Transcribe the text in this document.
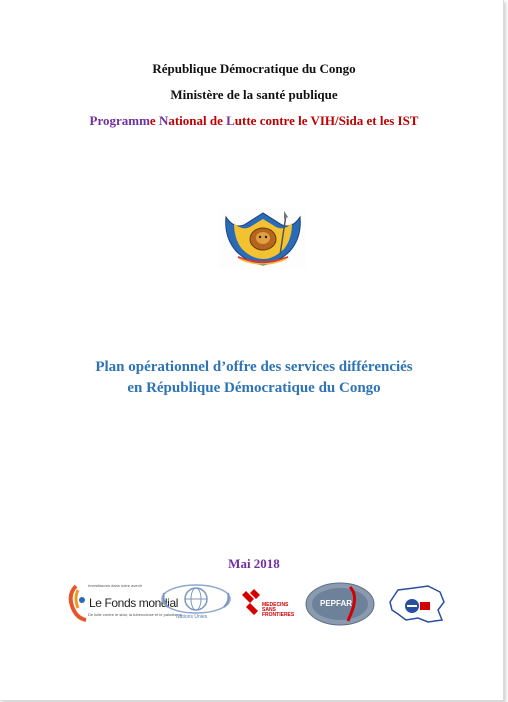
République Démocratique du Congo
Ministère de la santé publique
Programme National de Lutte contre le VIH/Sida et les IST
Plan opérationnel d’offre des services différenciés
en République Démocratique du Congo
Mai 2018
Investissons dans notre avenir
Le Fonds mondial
De lutte contre le sida, la tuberculose et le paludisme
Nations Unies
MEDECINS SANS FRONTIERES
PEPFAR
